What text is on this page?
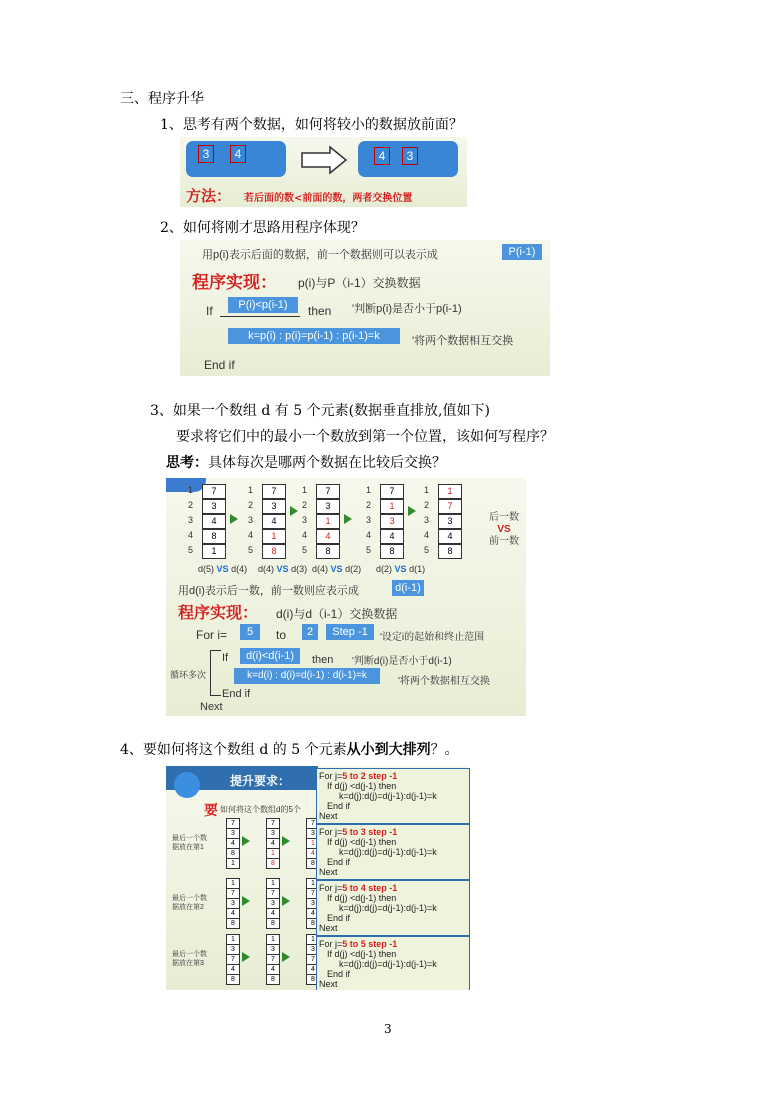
三、程序升华
1、思考有两个数据，如何将较小的数据放前面？
3	4	4	3
方法： 若后面的数<前面的数，两者交换位置
2、如何将刚才思路用程序体现？
用p(i)表示后面的数据，前一个数据则可以表示成	P(i-1)
程序实现： p(i)与P（i-1）交换数据
If	P(i)<p(i-1)	then '判断p(i)是否小于p(i-1)
k=p(i) : p(i)=p(i-1) : p(i-1)=k	'将两个数据相互交换
End if
3、如果一个数组 d 有 5 个元素(数据垂直排放,值如下)
要求将它们中的最小一个数放到第一个位置，该如何写程序？
思考：具体每次是哪两个数据在比较后交换？
1	7
2	3
3	4
4	8
5	1
1	7
2	3
3	4
4	1
5	8
1	7
2	3
3	1
4	4
5	8
1	7
2	1
3	3
4	4
5	8
1	1
2	7
3	3
4	4
5	8
d(5) VS d(4) d(4) VS d(3) d(4) VS d(2) d(2) VS d(1)
后一数
VS
前一数
用d(i)表示后一数，前一数则应表示成	d(i-1)
程序实现： d(i)与d（i-1）交换数据
For i=	5	to	2	Step -1	'设定i的起始和终止范围
循环多次
If	d(i)<d(i-1)	then '判断d(i)是否小于d(i-1)
k=d(i) : d(i)=d(i-1) : d(i-1)=k
'将两个数据相互交换
End if
Next
4、要如何将这个数组 d 的 5 个元素从小到大排列？。
提升要求：
要 如何将这个数组d的5个
最后一个数
据放在第1
7
3
4
8
1
7
3
4
1
8
7
3
1
4
8
最后一个数
据放在第2
1
7
3
4
8
1
7
3
4
8
1
7
3
4
8
最后一个数
据放在第3
1
3
7
4
8
1
3
7
4
8
1
3
7
4
8
For j=5 to 2 step -1
If d(j) <d(j-1) then
k=d(j):d(j)=d(j-1):d(j-1)=k
End if
Next
For j=5 to 3 step -1
If d(j) <d(j-1) then
k=d(j):d(j)=d(j-1):d(j-1)=k
End if
Next
For j=5 to 4 step -1
If d(j) <d(j-1) then
k=d(j):d(j)=d(j-1):d(j-1)=k
End if
Next
For j=5 to 5 step -1
If d(j) <d(j-1) then
k=d(j):d(j)=d(j-1):d(j-1)=k
End if
Next
3
